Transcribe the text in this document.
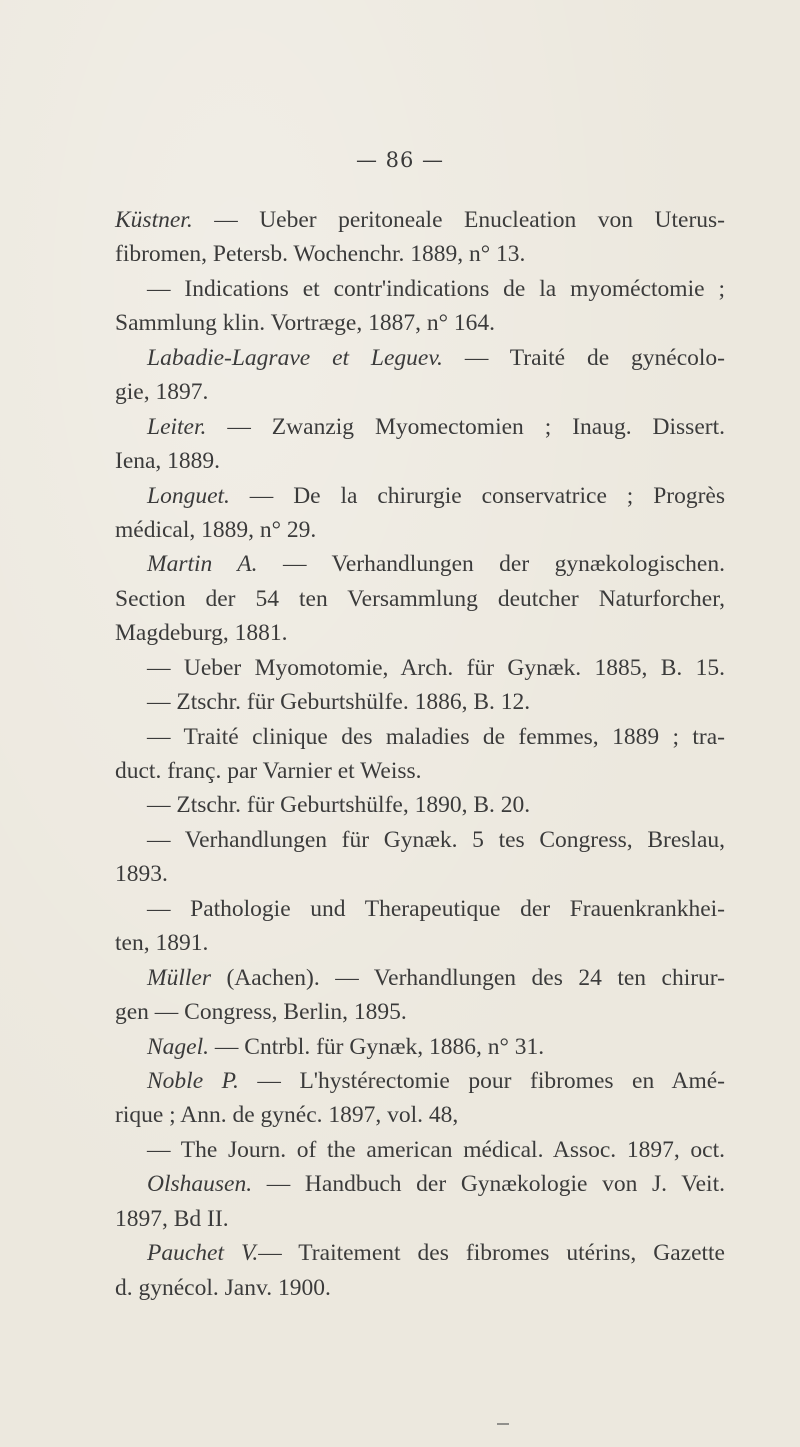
— 86 —
Küstner. — Ueber peritoneale Enucleation von Uterus-
fibromen, Petersb. Wochenchr. 1889, n° 13.
— Indications et contr'indications de la myoméctomie ;
Sammlung klin. Vortræge, 1887, n° 164.
Labadie-Lagrave et Leguev. — Traité de gynécolo-
gie, 1897.
Leiter. — Zwanzig Myomectomien ; Inaug. Dissert.
Iena, 1889.
Longuet. — De la chirurgie conservatrice ; Progrès
médical, 1889, n° 29.
Martin A. — Verhandlungen der gynækologischen.
Section der 54 ten Versammlung deutcher Naturforcher,
Magdeburg, 1881.
— Ueber Myomotomie, Arch. für Gynæk. 1885, B. 15.
— Ztschr. für Geburtshülfe. 1886, B. 12.
— Traité clinique des maladies de femmes, 1889 ; tra-
duct. franç. par Varnier et Weiss.
— Ztschr. für Geburtshülfe, 1890, B. 20.
— Verhandlungen für Gynæk. 5 tes Congress, Breslau,
1893.
— Pathologie und Therapeutique der Frauenkrankhei-
ten, 1891.
Müller (Aachen). — Verhandlungen des 24 ten chirur-
gen — Congress, Berlin, 1895.
Nagel. — Cntrbl. für Gynæk, 1886, n° 31.
Noble P. — L'hystérectomie pour fibromes en Amé-
rique ; Ann. de gynéc. 1897, vol. 48,
— The Journ. of the american médical. Assoc. 1897, oct.
Olshausen. — Handbuch der Gynækologie von J. Veit.
1897, Bd II.
Pauchet V.— Traitement des fibromes utérins, Gazette
d. gynécol. Janv. 1900.
